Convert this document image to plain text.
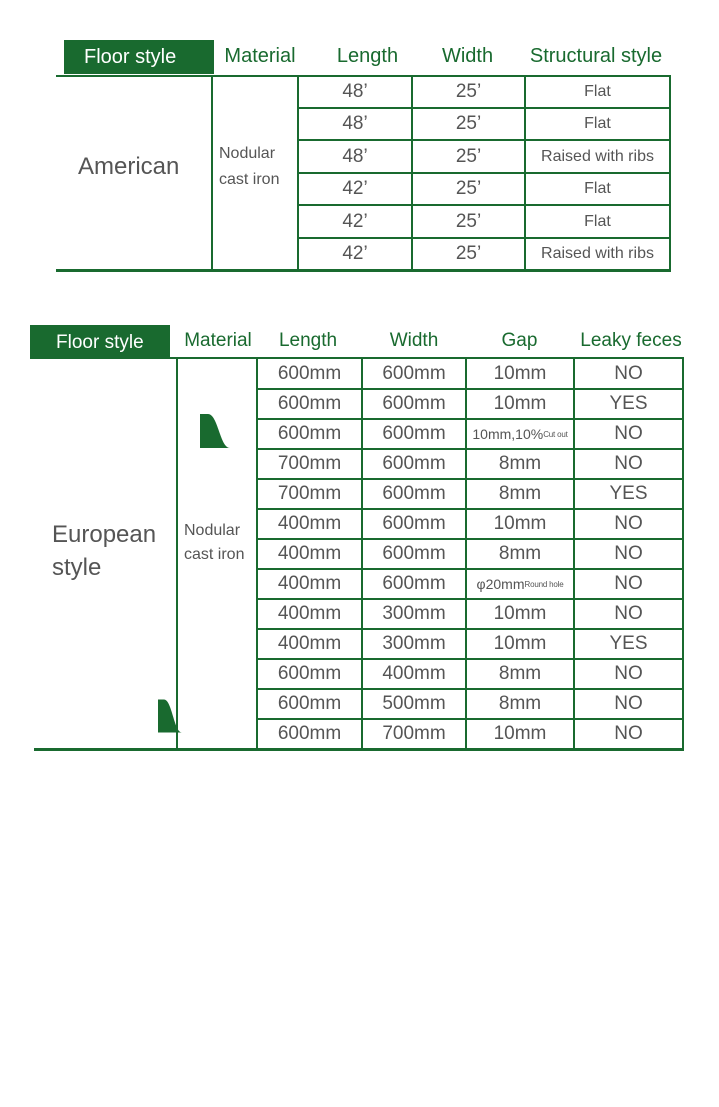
Floor style	Material	Length	Width	Structural style
American Nodular
cast iron
48’	25’	Flat
48’	25’	Flat
48’	25’	Raised with ribs
42’	25’	Flat
42’	25’	Flat
42’	25’	Raised with ribs
Floor style	Material	Length	Width	Gap	Leaky feces
European
style
Nodular
cast iron
600mm	600mm	10mm	NO
600mm	600mm	10mm	YES
600mm	600mm	10mm,10% Cut out	NO
700mm	600mm	8mm	NO
700mm	600mm	8mm	YES
400mm	600mm	10mm	NO
400mm	600mm	8mm	NO
400mm	600mm	φ20mm Round hole	NO
400mm	300mm	10mm	NO
400mm	300mm	10mm	YES
600mm	400mm	8mm	NO
600mm	500mm	8mm	NO
600mm	700mm	10mm	NO
